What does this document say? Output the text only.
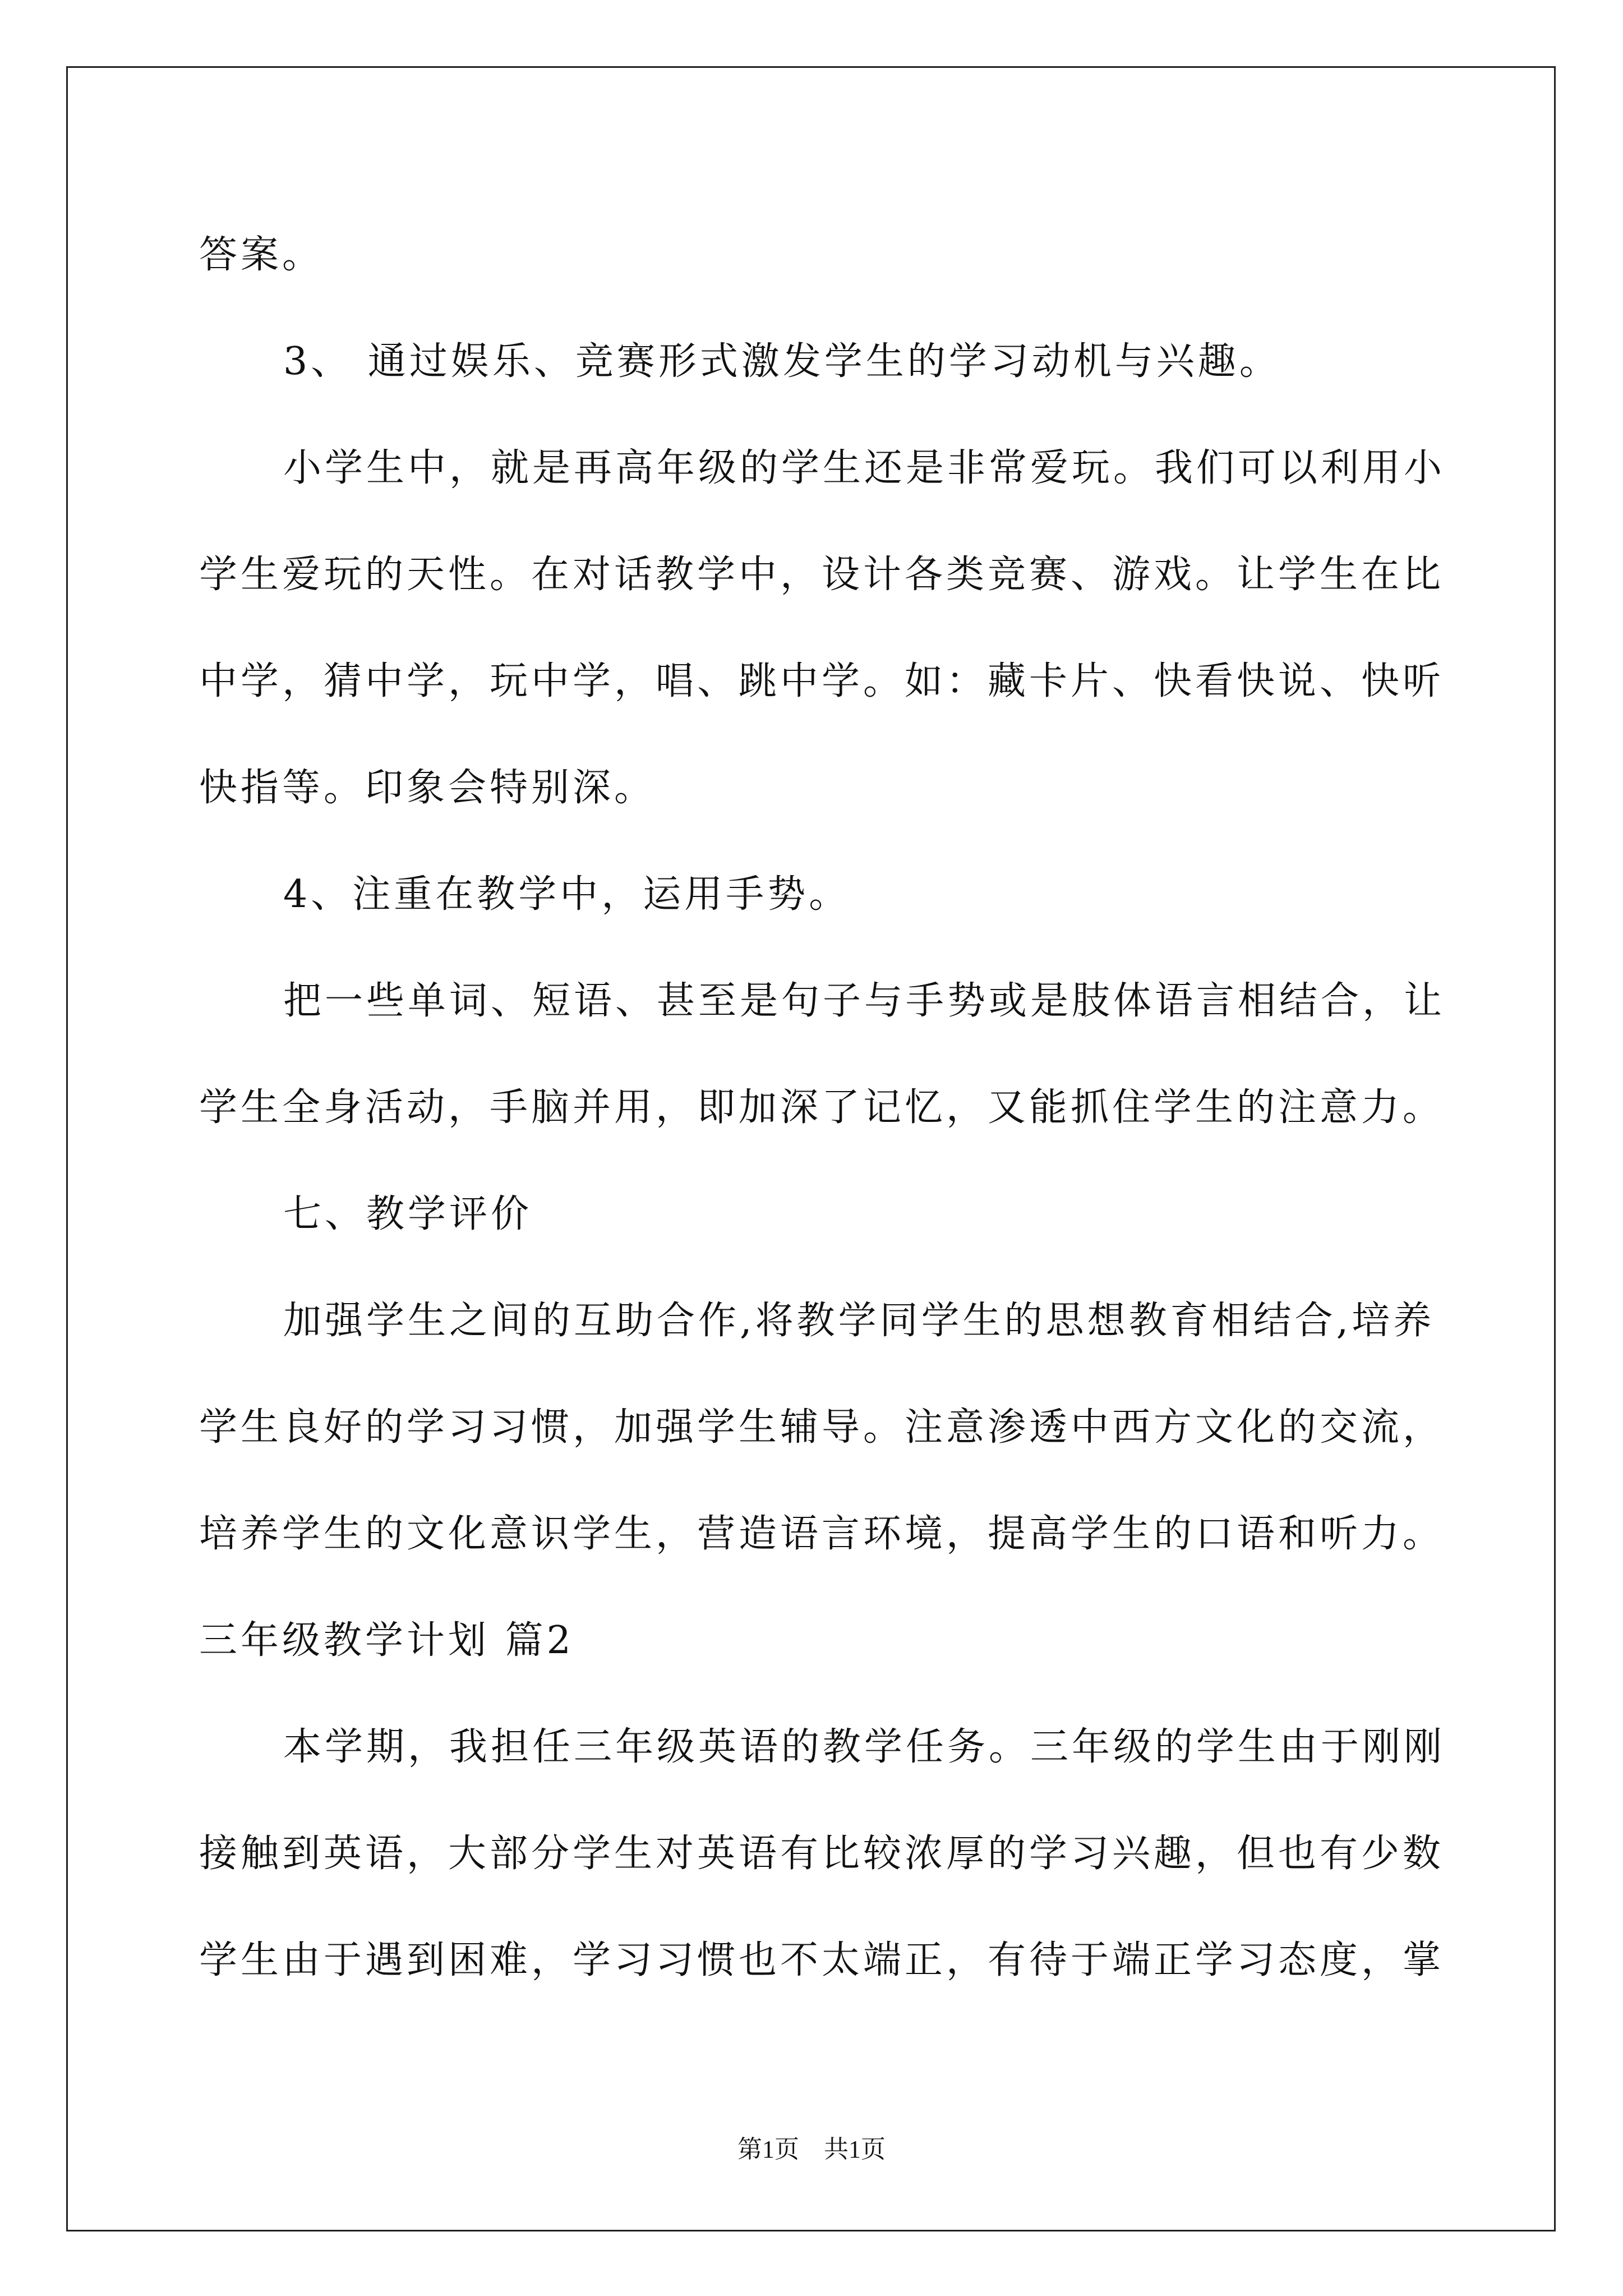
答案。
3、 通过娱乐、竞赛形式激发学生的学习动机与兴趣。
小学生中，就是再高年级的学生还是非常爱玩。我们可以利用小
学生爱玩的天性。在对话教学中，设计各类竞赛、游戏。让学生在比
中学，猜中学，玩中学，唱、跳中学。如：藏卡片、快看快说、快听
快指等。印象会特别深。
4、注重在教学中，运用手势。
把一些单词、短语、甚至是句子与手势或是肢体语言相结合，让
学生全身活动，手脑并用，即加深了记忆，又能抓住学生的注意力。
七、教学评价
加强学生之间的互助合作,将教学同学生的思想教育相结合,培养
学生良好的学习习惯，加强学生辅导。注意渗透中西方文化的交流，
培养学生的文化意识学生，营造语言环境，提高学生的口语和听力。
三年级教学计划 篇2
本学期，我担任三年级英语的教学任务。三年级的学生由于刚刚
接触到英语，大部分学生对英语有比较浓厚的学习兴趣，但也有少数
学生由于遇到困难，学习习惯也不太端正，有待于端正学习态度，掌
第1页　共1页
